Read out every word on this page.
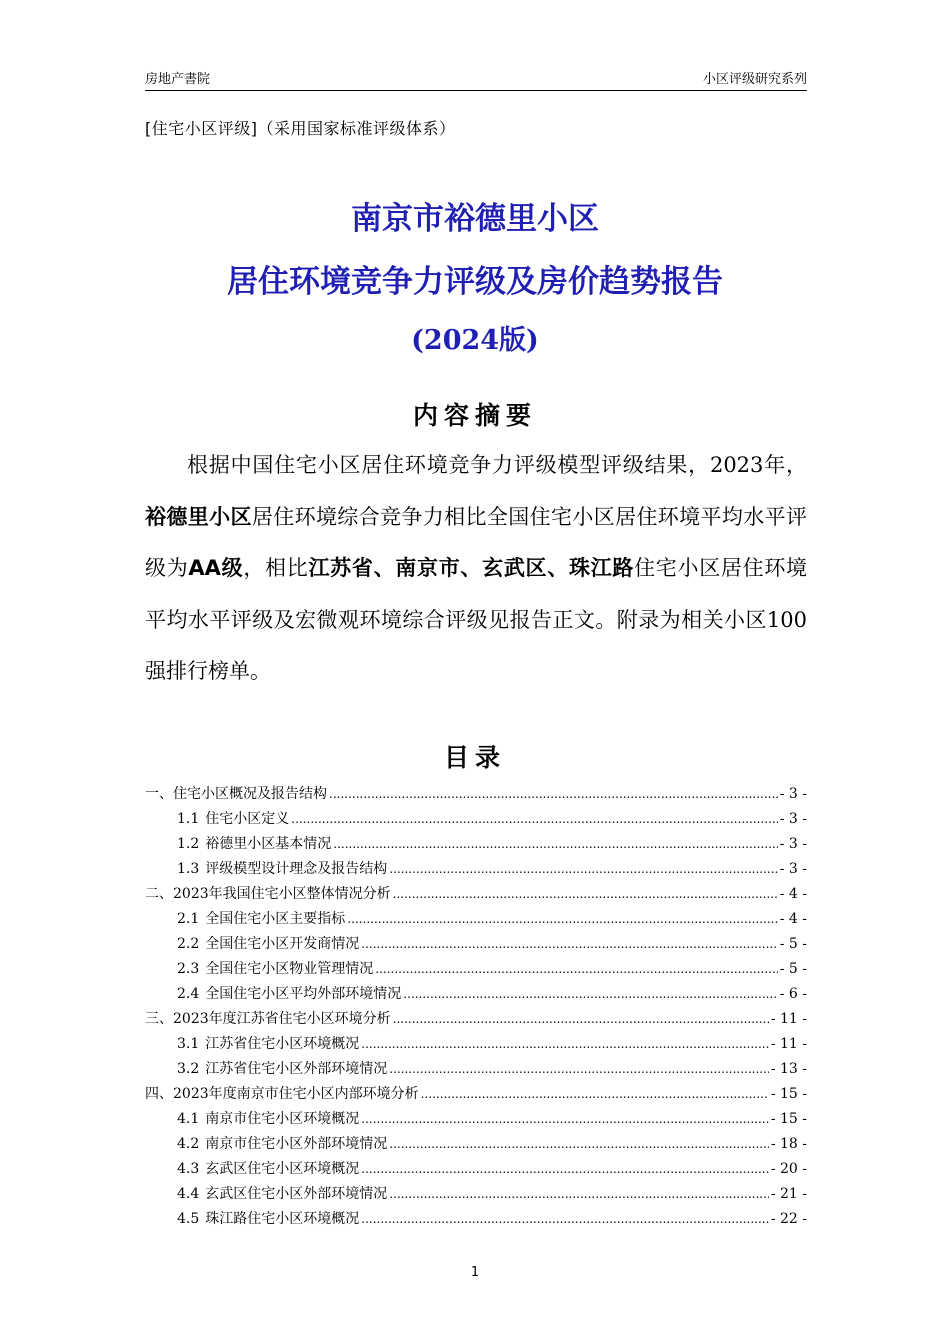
房地产書院	小区评级研究系列
[住宅小区评级]（采用国家标准评级体系）
南京市裕德里小区
居住环境竞争力评级及房价趋势报告
(2024版)
内容摘要

根据中国住宅小区居住环境竞争力评级模型评级结果，2023年，裕德里小区居住环境综合竞争力相比全国住宅小区居住环境平均水平评级为AA级，相比江苏省、南京市、玄武区、珠江路住宅小区居住环境平均水平评级及宏微观环境综合评级见报告正文。附录为相关小区100强排行榜单。

目录
一、住宅小区概况及报告结构 .....	- 3 -
1.1 住宅小区定义 .....	- 3 -
1.2 裕德里小区基本情况 .....	- 3 -
1.3 评级模型设计理念及报告结构 .....	- 3 -
二、2023年我国住宅小区整体情况分析 .....	- 4 -
2.1 全国住宅小区主要指标 .....	- 4 -
2.2 全国住宅小区开发商情况 .....	- 5 -
2.3 全国住宅小区物业管理情况 .....	- 5 -
2.4 全国住宅小区平均外部环境情况 .....	- 6 -
三、2023年度江苏省住宅小区环境分析 .....	- 11 -
3.1 江苏省住宅小区环境概况 .....	- 11 -
3.2 江苏省住宅小区外部环境情况 .....	- 13 -
四、2023年度南京市住宅小区内部环境分析 .....	- 15 -
4.1 南京市住宅小区环境概况 .....	- 15 -
4.2 南京市住宅小区外部环境情况 .....	- 18 -
4.3 玄武区住宅小区环境概况 .....	- 20 -
4.4 玄武区住宅小区外部环境情况 .....	- 21 -
4.5 珠江路住宅小区环境概况 .....	- 22 -
1
